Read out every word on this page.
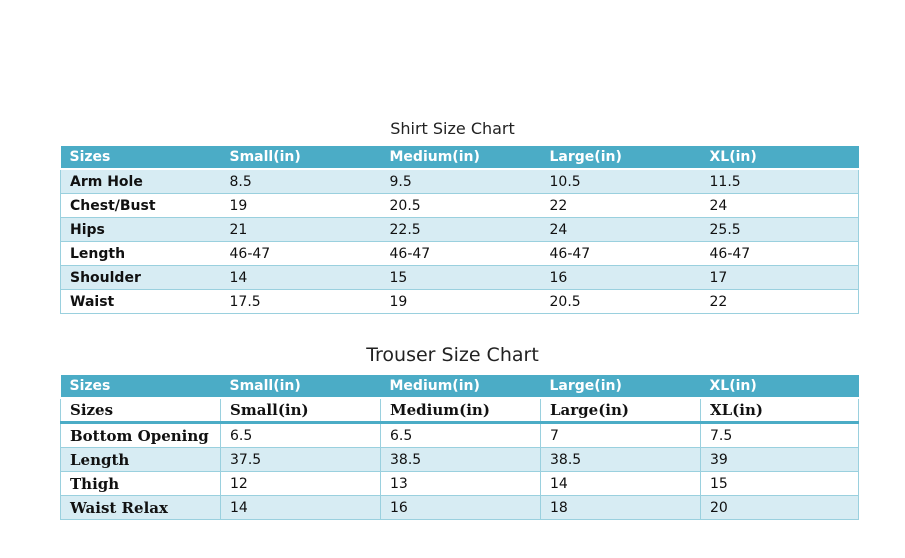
Shirt Size Chart
Sizes	Small(in)	Medium(in)	Large(in)	XL(in)
Arm Hole	8.5	9.5	10.5	11.5
Chest/Bust	19	20.5	22	24
Hips	21	22.5	24	25.5
Length	46-47	46-47	46-47	46-47
Shoulder	14	15	16	17
Waist	17.5	19	20.5	22
Trouser Size Chart
Sizes	Small(in)	Medium(in)	Large(in)	XL(in)
Sizes	Small(in)	Medium(in)	Large(in)	XL(in)
Bottom Opening	6.5	6.5	7	7.5
Length	37.5	38.5	38.5	39
Thigh	12	13	14	15
Waist Relax	14	16	18	20
